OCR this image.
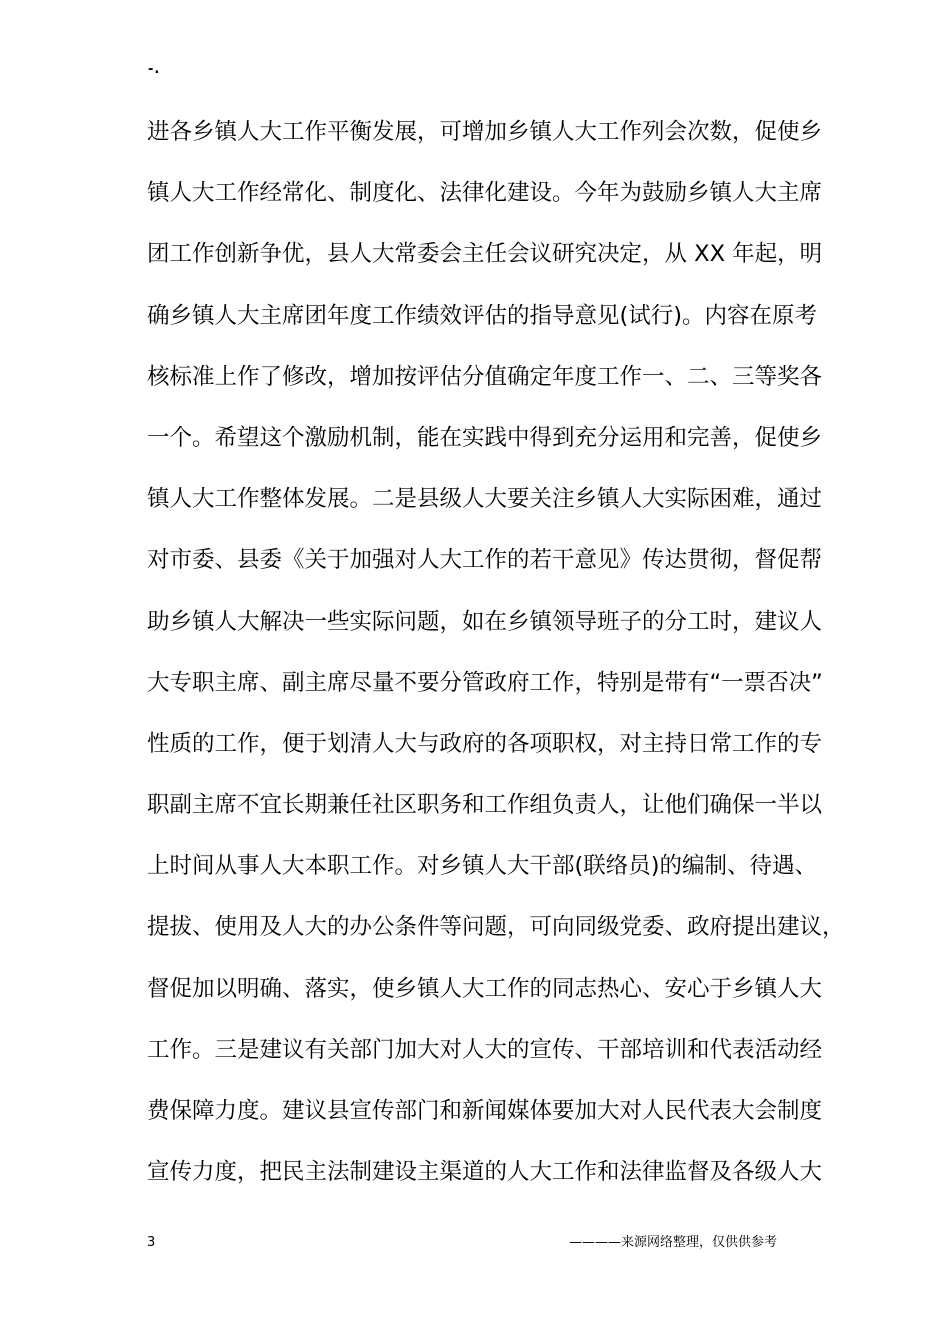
-.
进各乡镇人大工作平衡发展，可增加乡镇人大工作列会次数，促使乡
镇人大工作经常化、制度化、法律化建设。今年为鼓励乡镇人大主席
团工作创新争优，县人大常委会主任会议研究决定，从 XX 年起，明
确乡镇人大主席团年度工作绩效评估的指导意见(试行)。内容在原考
核标准上作了修改，增加按评估分值确定年度工作一、二、三等奖各
一个。希望这个激励机制，能在实践中得到充分运用和完善，促使乡
镇人大工作整体发展。二是县级人大要关注乡镇人大实际困难，通过
对市委、县委《关于加强对人大工作的若干意见》传达贯彻，督促帮
助乡镇人大解决一些实际问题，如在乡镇领导班子的分工时，建议人
大专职主席、副主席尽量不要分管政府工作，特别是带有“一票否决”
性质的工作，便于划清人大与政府的各项职权，对主持日常工作的专
职副主席不宜长期兼任社区职务和工作组负责人，让他们确保一半以
上时间从事人大本职工作。对乡镇人大干部(联络员)的编制、待遇、
提拔、使用及人大的办公条件等问题，可向同级党委、政府提出建议，
督促加以明确、落实，使乡镇人大工作的同志热心、安心于乡镇人大
工作。三是建议有关部门加大对人大的宣传、干部培训和代表活动经
费保障力度。建议县宣传部门和新闻媒体要加大对人民代表大会制度
宣传力度，把民主法制建设主渠道的人大工作和法律监督及各级人大
3	————来源网络整理，仅供供参考
